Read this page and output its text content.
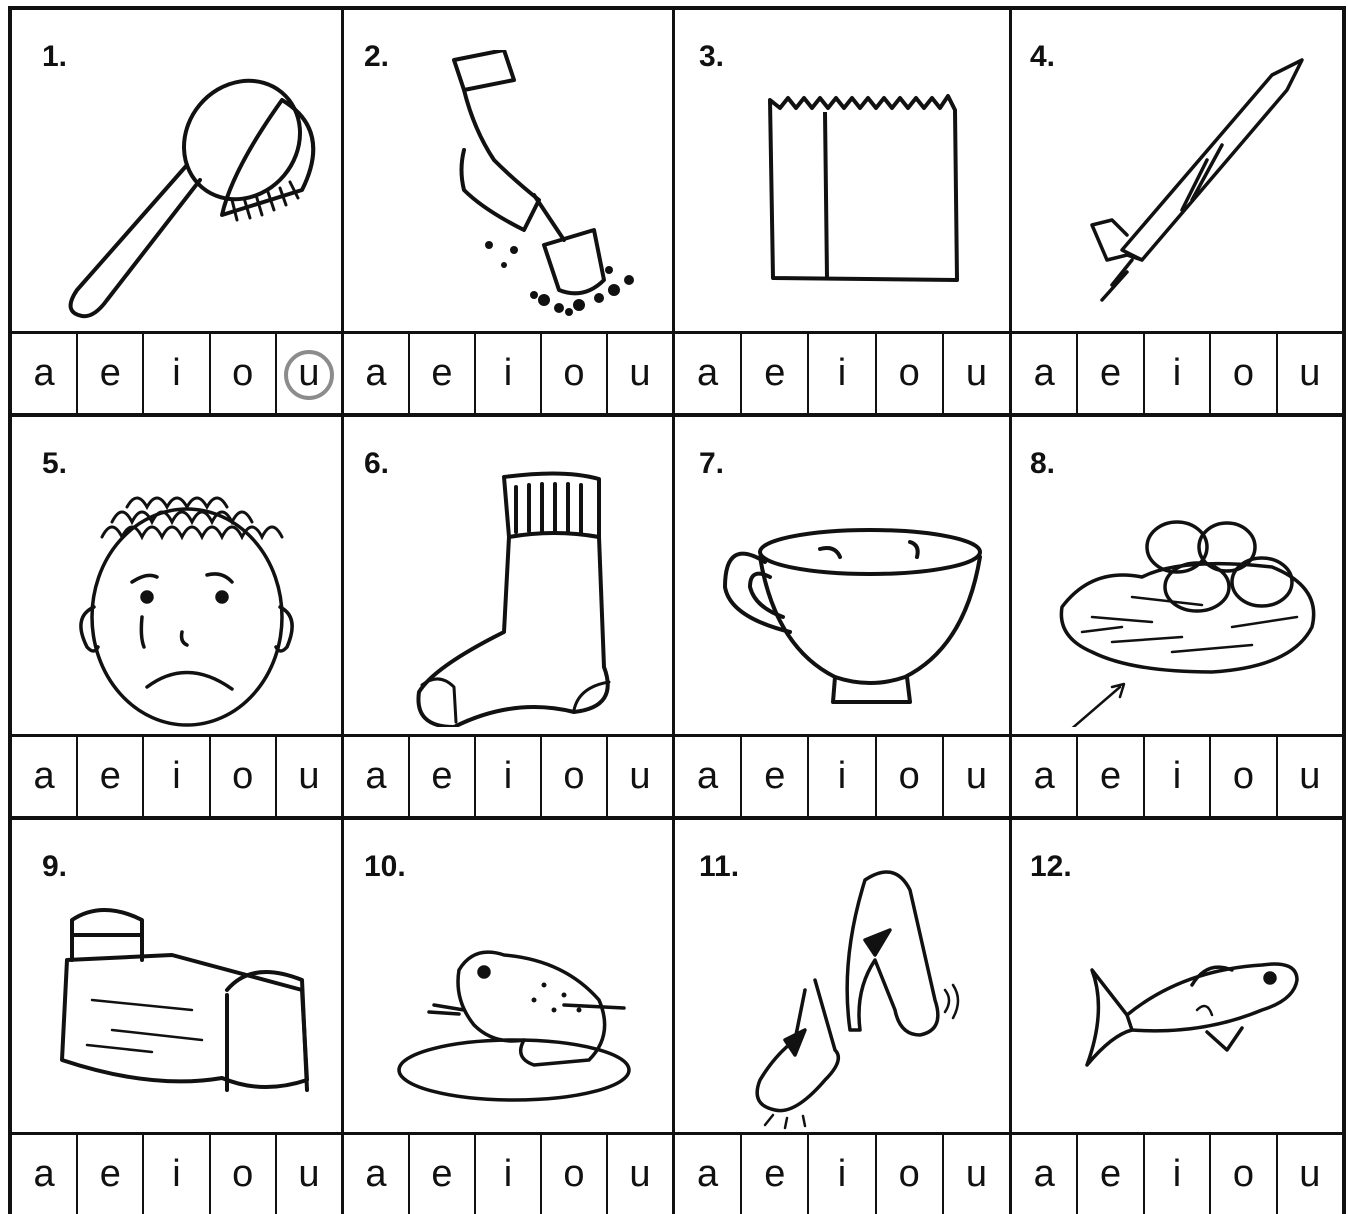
1.
a e i o u
2.
a e i o u
3.
a e i o u
4.
a e i o u
5.
a e i o u
6.
a e i o u
7.
a e i o u
8.
a e i o u
9.
a e i o u
10.
a e i o u
11.
a e i o u
12.
a e i o u
